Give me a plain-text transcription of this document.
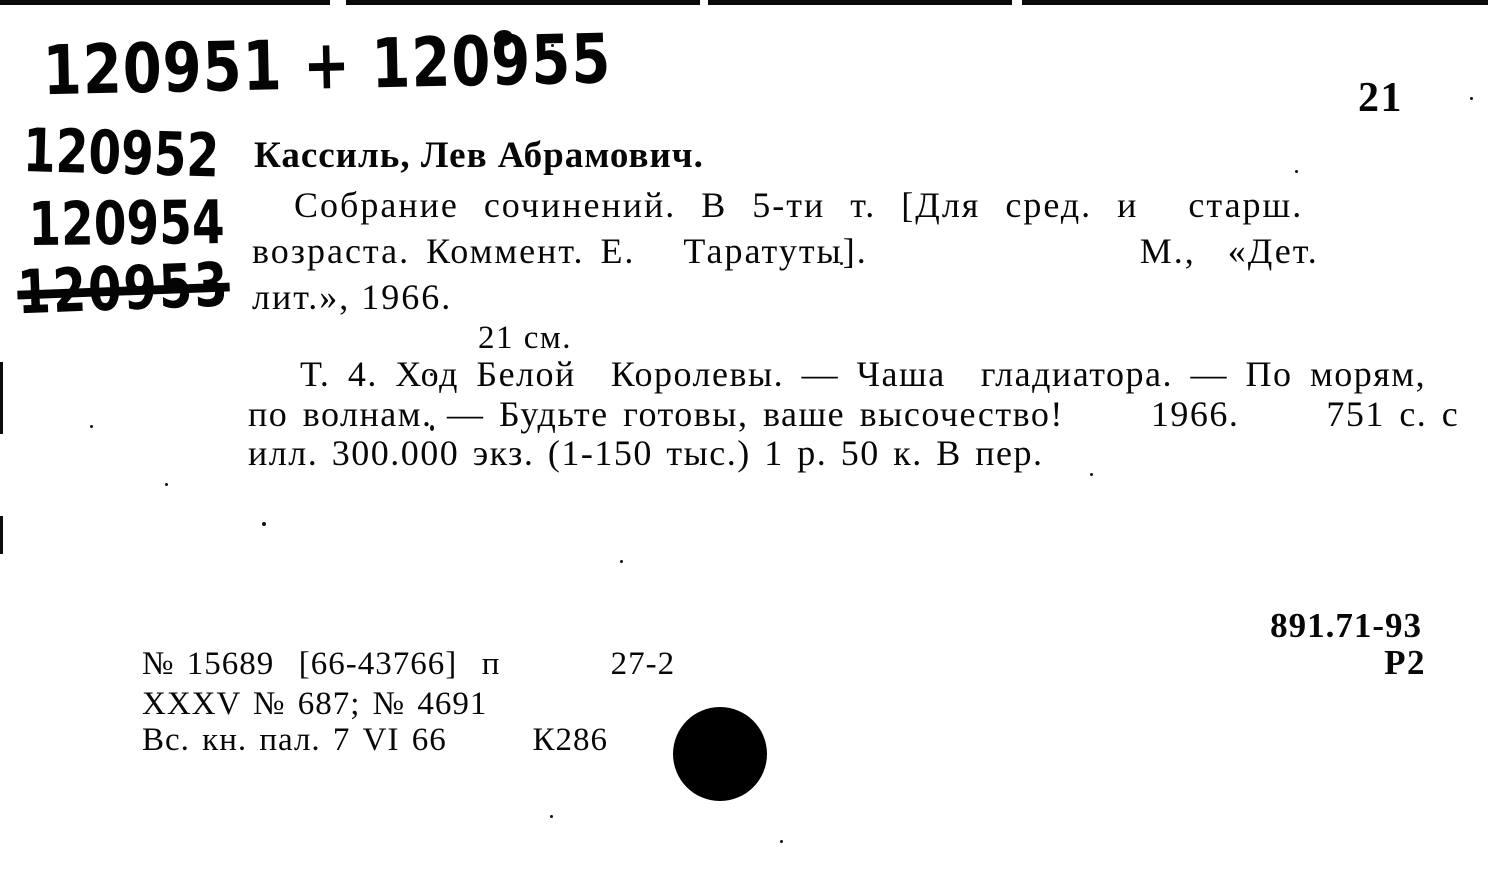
120951 + 120955
120952
120954
120953
21
Кассиль, Лев Абрамович.
Собрание сочинений. В 5-ти т. [Для сред. и  старш.
возраста. Коммент. Е.   Таратуты].                 М.,  «Дет.
лит.», 1966.
21 см.
Т. 4. Ход Белой  Королевы. — Чаша  гладиатора. — По морям,
по волнам. — Будьте готовы, ваше высочество!      1966.      751 с. с
илл. 300.000 экз. (1-150 тыс.) 1 р. 50 к. В пер.
891.71-93
Р2
№ 15689  [66-43766]  п         27-2
XXXV № 687; № 4691
Вс. кн. пал. 7 VI 66       К286
